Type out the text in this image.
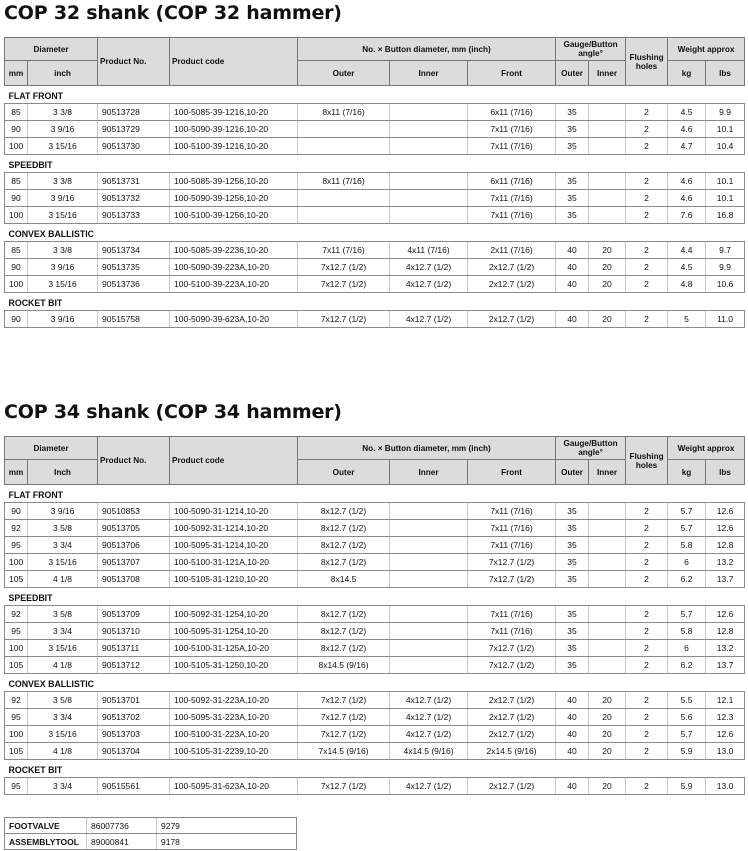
COP 32 shank (COP 32 hammer)
Diameter		Product No.	Product code	No. × Button diameter, mm (inch)			Gauge/Button angle°		Flushing holes	Weight approx	
mm	inch			Outer	Inner	Front	Outer	Inner		kg	lbs
FLAT FRONT											
85	3 3/8	90513728	100-5085-39-1216,10-20	8x11 (7/16)		6x11 (7/16)	35		2	4.5	9.9
90	3 9/16	90513729	100-5090-39-1216,10-20			7x11 (7/16)	35		2	4.6	10.1
100	3 15/16	90513730	100-5100-39-1216,10-20			7x11 (7/16)	35		2	4.7	10.4
SPEEDBIT											
85	3 3/8	90513731	100-5085-39-1256,10-20	8x11 (7/16)		6x11 (7/16)	35		2	4.6	10.1
90	3 9/16	90513732	100-5090-39-1256,10-20			7x11 (7/16)	35		2	4.6	10.1
100	3 15/16	90513733	100-5100-39-1256,10-20			7x11 (7/16)	35		2	7.6	16.8
CONVEX BALLISTIC											
85	3 3/8	90513734	100-5085-39-2236,10-20	7x11 (7/16)	4x11 (7/16)	2x11 (7/16)	40	20	2	4.4	9.7
90	3 9/16	90513735	100-5090-39-223A,10-20	7x12.7 (1/2)	4x12.7 (1/2)	2x12.7 (1/2)	40	20	2	4.5	9.9
100	3 15/16	90513736	100-5100-39-223A,10-20	7x12.7 (1/2)	4x12.7 (1/2)	2x12.7 (1/2)	40	20	2	4.8	10.6
ROCKET BIT											
90	3 9/16	90515758	100-5090-39-623A,10-20	7x12.7 (1/2)	4x12.7 (1/2)	2x12.7 (1/2)	40	20	2	5	11.0
COP 34 shank (COP 34 hammer)
Diameter		Product No.	Product code	No. × Button diameter, mm (inch)			Gauge/Button angle°		Flushing holes	Weight approx	
mm	Inch			Outer	Inner	Front	Outer	Inner		kg	lbs
FLAT FRONT											
90	3 9/16	90510853	100-5090-31-1214,10-20	8x12.7 (1/2)		7x11 (7/16)	35		2	5.7	12.6
92	3 5/8	90513705	100-5092-31-1214,10-20	8x12.7 (1/2)		7x11 (7/16)	35		2	5.7	12.6
95	3 3/4	90513706	100-5095-31-1214,10-20	8x12.7 (1/2)		7x11 (7/16)	35		2	5.8	12.8
100	3 15/16	90513707	100-5100-31-121A,10-20	8x12.7 (1/2)		7x12.7 (1/2)	35		2	6	13.2
105	4 1/8	90513708	100-5105-31-1210,10-20	8x14.5		7x12.7 (1/2)	35		2	6.2	13.7
SPEEDBIT											
92	3 5/8	90513709	100-5092-31-1254,10-20	8x12.7 (1/2)		7x11 (7/16)	35		2	5.7	12.6
95	3 3/4	90513710	100-5095-31-1254,10-20	8x12.7 (1/2)		7x11 (7/16)	35		2	5.8	12.8
100	3 15/16	90513711	100-5100-31-125A,10-20	8x12.7 (1/2)		7x12.7 (1/2)	35		2	6	13.2
105	4 1/8	90513712	100-5105-31-1250,10-20	8x14.5 (9/16)		7x12.7 (1/2)	35		2	6.2	13.7
CONVEX BALLISTIC											
92	3 5/8	90513701	100-5092-31-223A,10-20	7x12.7 (1/2)	4x12.7 (1/2)	2x12.7 (1/2)	40	20	2	5.5	12.1
95	3 3/4	90513702	100-5095-31-223A,10-20	7x12.7 (1/2)	4x12.7 (1/2)	2x12.7 (1/2)	40	20	2	5.6	12.3
100	3 15/16	90513703	100-5100-31-223A,10-20	7x12.7 (1/2)	4x12.7 (1/2)	2x12.7 (1/2)	40	20	2	5.7	12.6
105	4 1/8	90513704	100-5105-31-2239,10-20	7x14.5 (9/16)	4x14.5 (9/16)	2x14.5 (9/16)	40	20	2	5.9	13.0
ROCKET BIT											
95	3 3/4	90515561	100-5095-31-623A,10-20	7x12.7 (1/2)	4x12.7 (1/2)	2x12.7 (1/2)	40	20	2	5.9	13.0

FOOTVALVE	86007736	9279
ASSEMBLYTOOL	89000841	9178
